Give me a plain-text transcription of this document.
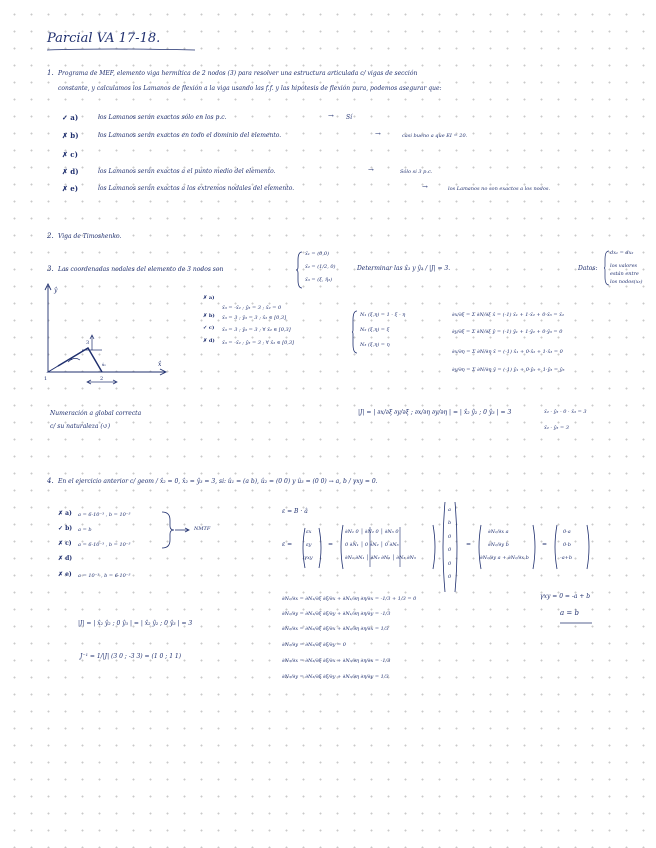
Parcial VA 17-18.
1. Programa de MEF, elemento viga hermítica de 2 nodos (3) para resolver una estructura articulada c/ vigas de sección
constante, y calculamos los Lamanos de flexión a la viga usando las f.f. y las hipótesis de flexión pura, podemos asegurar que:
✓ a)	los Lamanos serán exactos sólo en los p.c.	→ Sí
✗ b)	los Lamanos serán exactos en todo el dominio del elemento.	→	casi bueno a que EI = 20.
✗ c)
✗ d)	los Lamanos serán exactos a el punto medio del elemento.	→	Sólo si 3 p.c.
✗ e)	los Lamanos serán exactos a los extremos nodales del elemento.	→	los Lamanos no son exactos a los nodos.
2. Viga de Timoshenko.
3. Las coordenadas nodales del elemento de 3 nodos son
x̂₁ = (0,0)
x̂₂ = (1/2, 0)
x̂₃ = (ξ, η̂₃)
Determinar las x̂₃ y ŷ₃ / |J| = 3.	Datos:
dx₁ = dx₂
los valores
están entre
los nodos(x₃)
ŷ
x̂
1	2
3
a
x̂₂
✗ a)
x̂₃ = -x̂₂ ; ŷ₃ = 3 ; x̂₂ = 0
✗ b) x̂₃ = 3 ; ŷ₃ = 3 ; x̂₂ ∈ [0,3]
✓ c) x̂₃ = 3 ; ŷ₃ = 3 ; ∀ x̂₂ ∈ [0,3]
✗ d) x̂₃ = -x̂₂ ; ŷ₃ = 3 ; ∀ x̂₂ ∈ [0,3]
N₁ (ξ,η) = 1 - ξ - η
N₂ (ξ,η) = ξ
N₃ (ξ,η) = η
∂x/∂ξ = Σ ∂N/∂ξ x̂ = (-1) x̂₁ + 1·x̂₂ + 0·x̂₃ = x̂₂
∂y/∂ξ = Σ ∂N/∂ξ ŷ = (-1) ŷ₁ + 1·ŷ₂ + 0·ŷ₃ = 0
∂x/∂η = Σ ∂N/∂η x̂ = (-1) x̂₁ + 0·x̂₂ + 1·x̂₃ = 0
∂y/∂η = Σ ∂N/∂η ŷ = (-1) ŷ₁ + 0·ŷ₂ + 1·ŷ₃ = ŷ₃
Numeración a global correcta
c/ su naturaleza (↺)
|J| = | ∂x/∂ξ ∂y/∂ξ ; ∂x/∂η ∂y/∂η | = | x̂₂ ŷ₂ ; 0 ŷ₃ | = 3	x̂₂ · ŷ₃ - 0 · x̂₃ = 3
x̂₂ · ŷ₃ = 3
4. En el ejercicio anterior c/ geom / x̂₂ = 0, x̂₂ = ŷ₃ = 3, si: û₁ = (a b), û₂ = (0 0) y û₃ = (0 0) → a, b / γxy = 0.
✗ a) a = 6·10⁻³ , b = 10⁻³
✓ b) a = b
✗ c) a = 6·10⁻³ , b = 10⁻³
✗ d)
✗ e) a = 10⁻³ , b = 6·10⁻³
NMTF
ε = B · â
ε =
εx
εy
γxy
=
∂N₁ 0 │ ∂N₂ 0 │ ∂N₃ 0
0 ∂N₁ │ 0 ∂N₂ │ 0 ∂N₃
∂N₁ ∂N₁ │ ∂N₂ ∂N₂ │ ∂N₃ ∂N₃
a
b
0
0
0
0
=
∂N₁/∂x a
∂N₁/∂y b
∂N₁/∂y a + ∂N₁/∂x b
=
0·a
0·b
-a+b
γxy = 0 = -a + b
a = b
∂N₁/∂x = ∂N₁/∂ξ ∂ξ/∂x + ∂N₁/∂η ∂η/∂x = -1/3 + 1/3 = 0
∂N₁/∂y = ∂N₁/∂ξ ∂ξ/∂y + ∂N₁/∂η ∂η/∂y = -1/3
∂N₂/∂x = ∂N₂/∂ξ ∂ξ/∂x + ∂N₂/∂η ∂η/∂x = 1/3
∂N₂/∂y = ∂N₂/∂ξ ∂ξ/∂y = 0
∂N₃/∂x = ∂N₃/∂ξ ∂ξ/∂x + ∂N₃/∂η ∂η/∂x = -1/3
∂N₃/∂y = ∂N₃/∂ξ ∂ξ/∂y + ∂N₃/∂η ∂η/∂y = 1/3
|J| = | x̂₂ ŷ₂ ; 0 ŷ₃ | = | x̂₂ ŷ₂ ; 0 ŷ₃ | = 3
J⁻¹ = 1/|J| (3 0 ; -3 3) = (1 0 ; 1 1)
